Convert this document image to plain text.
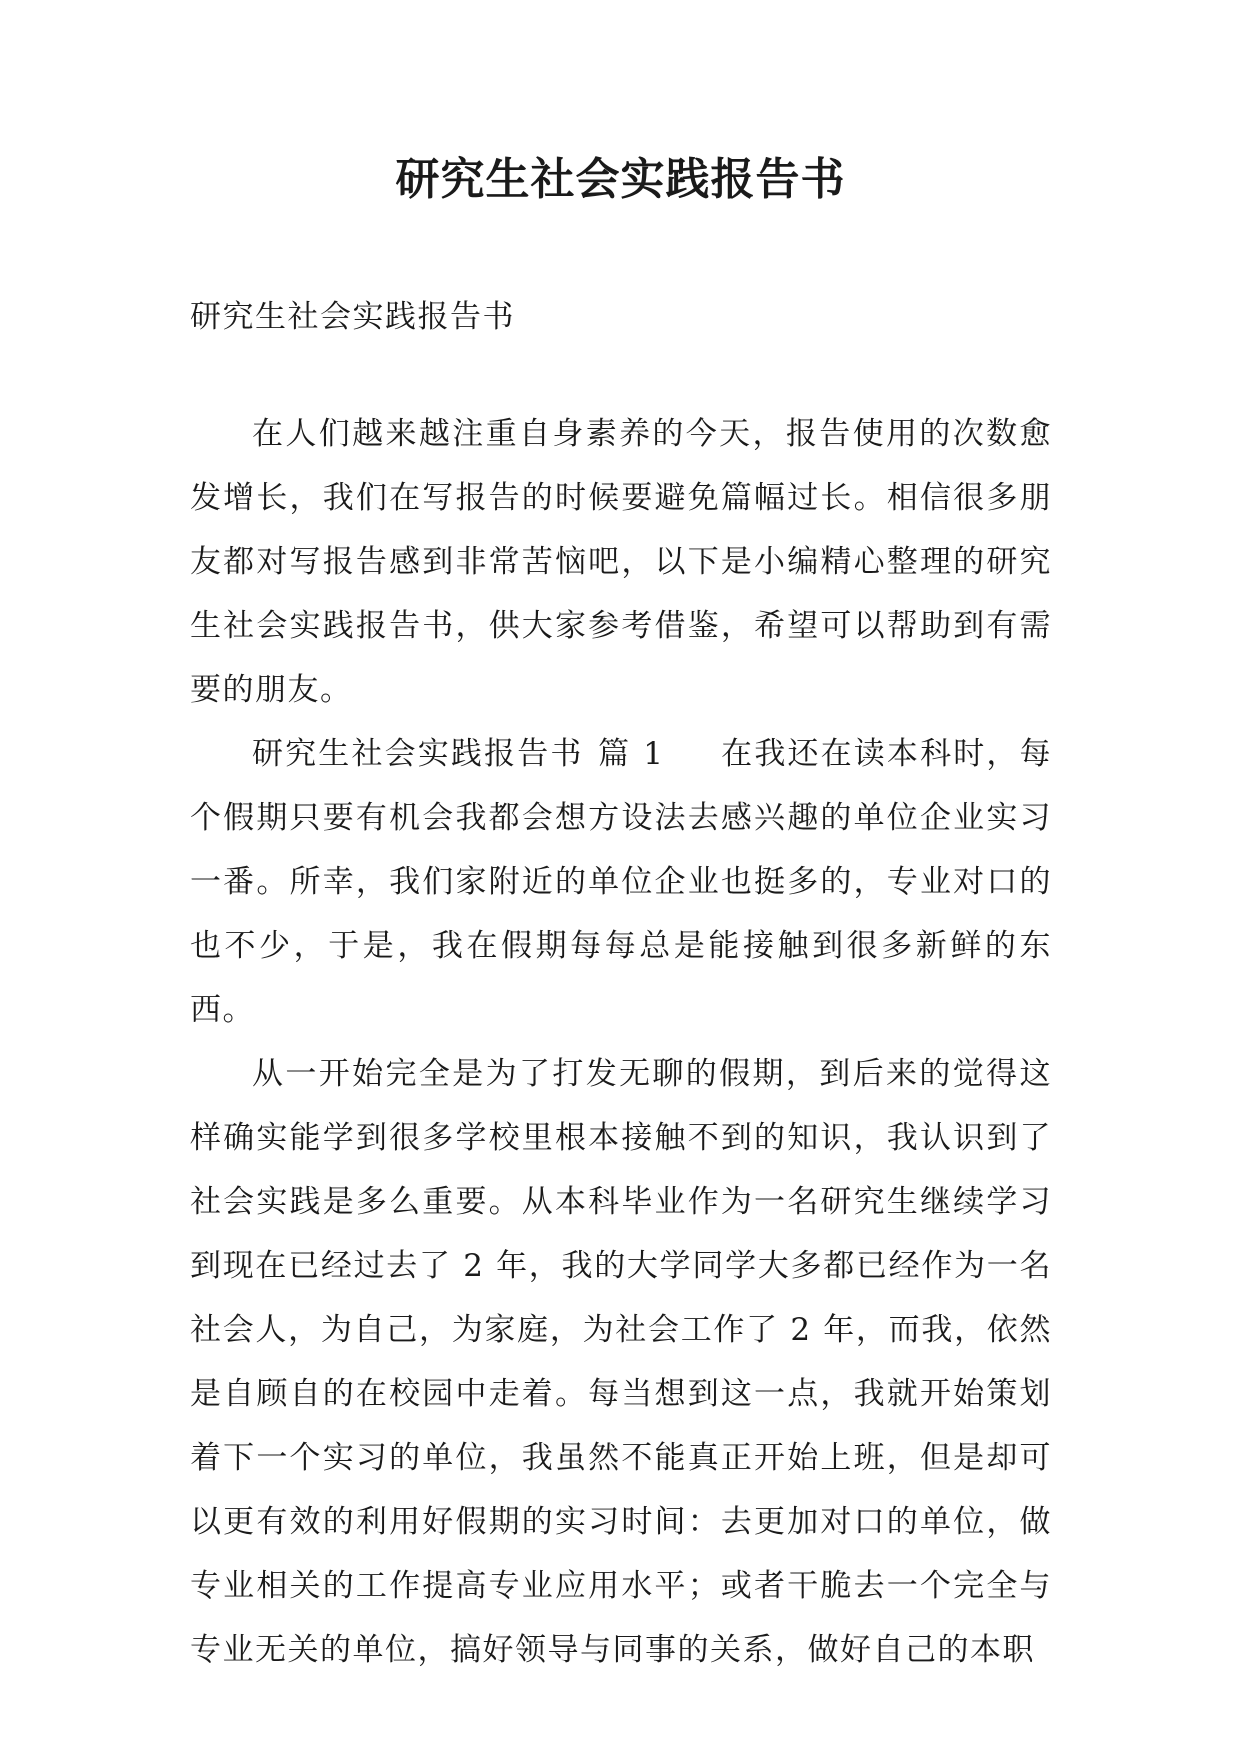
研究生社会实践报告书
研究生社会实践报告书

在人们越来越注重自身素养的今天，报告使用的次数愈发增长，我们在写报告的时候要避免篇幅过长。相信很多朋友都对写报告感到非常苦恼吧，以下是小编精心整理的研究生社会实践报告书，供大家参考借鉴，希望可以帮助到有需要的朋友。

研究生社会实践报告书 篇 1 在我还在读本科时，每个假期只要有机会我都会想方设法去感兴趣的单位企业实习一番。所幸，我们家附近的单位企业也挺多的，专业对口的也不少，于是，我在假期每每总是能接触到很多新鲜的东西。

从一开始完全是为了打发无聊的假期，到后来的觉得这样确实能学到很多学校里根本接触不到的知识，我认识到了社会实践是多么重要。从本科毕业作为一名研究生继续学习到现在已经过去了 2 年，我的大学同学大多都已经作为一名社会人，为自己，为家庭，为社会工作了 2 年，而我，依然是自顾自的在校园中走着。每当想到这一点，我就开始策划着下一个实习的单位，我虽然不能真正开始上班，但是却可以更有效的利用好假期的实习时间：去更加对口的单位，做专业相关的工作提高专业应用水平；或者干脆去一个完全与专业无关的单位，搞好领导与同事的关系，做好自己的本职
